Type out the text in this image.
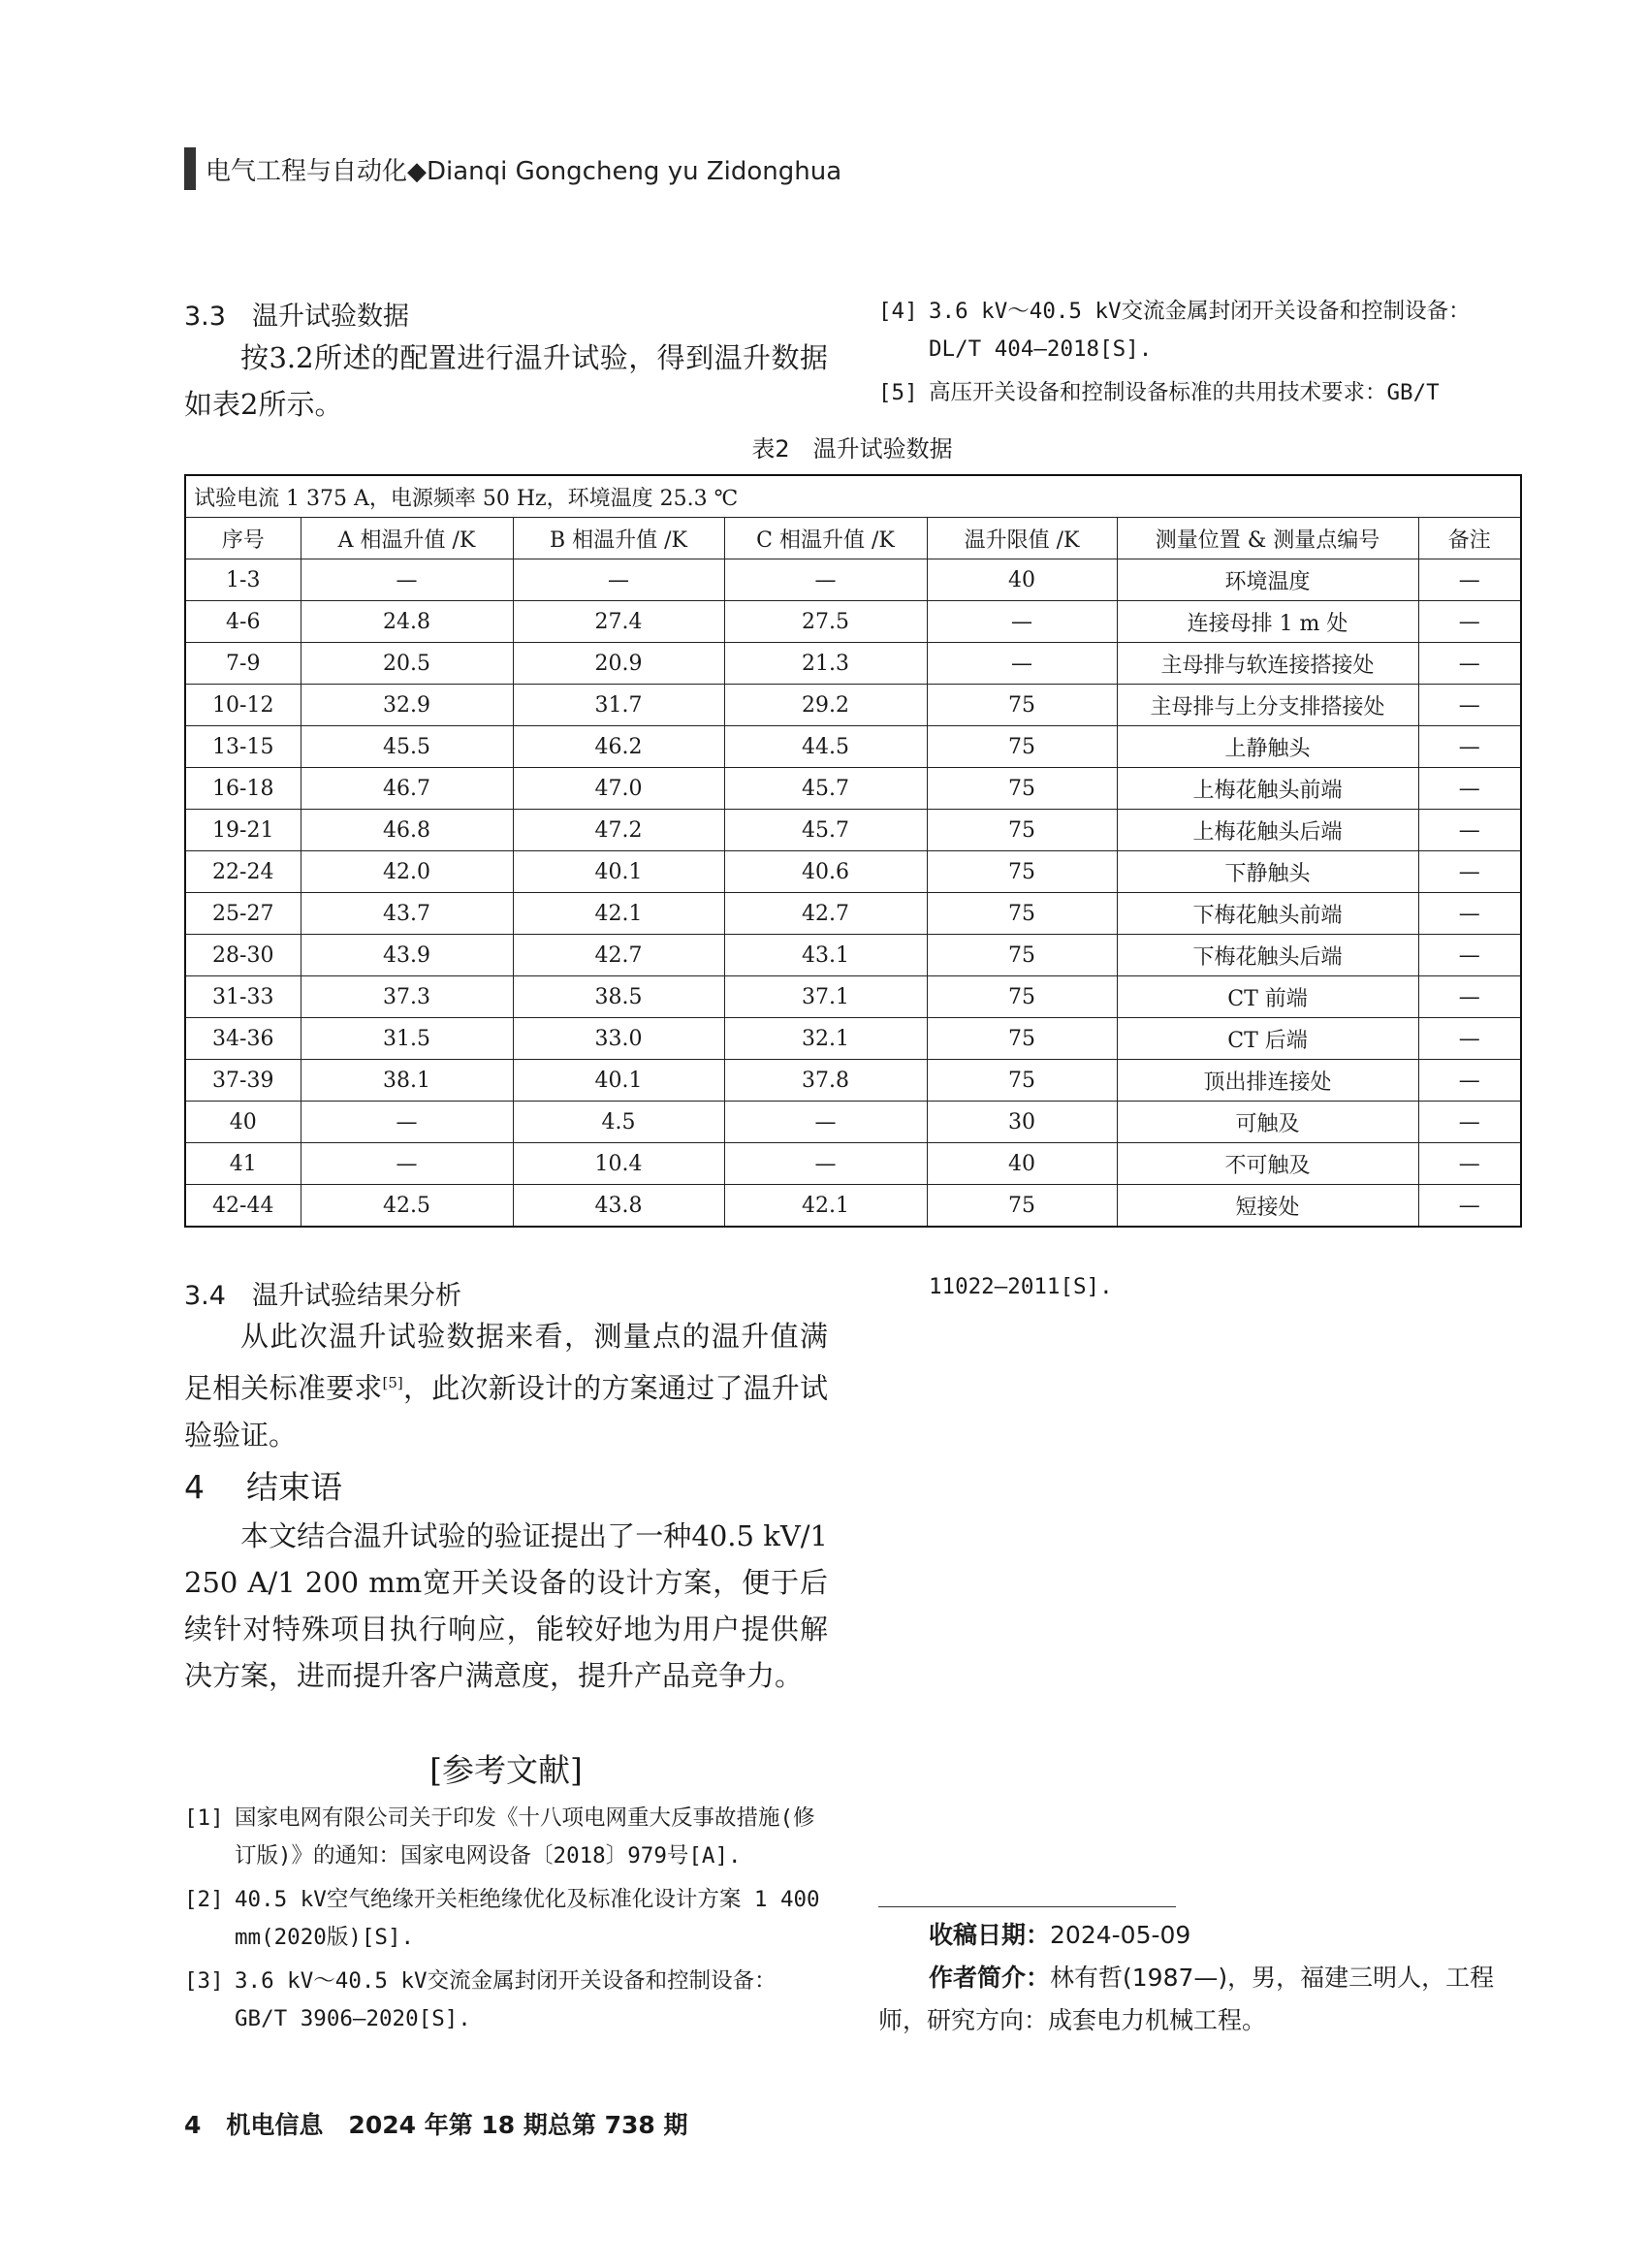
电气工程与自动化◆Dianqi Gongcheng yu Zidonghua
3.3 温升试验数据

按3.2所述的配置进行温升试验，得到温升数据如表2所示。

[4] 3.6 kV～40.5 kV交流金属封闭开关设备和控制设备：DL/T 404—2018[S].
[5] 高压开关设备和控制设备标准的共用技术要求：GB/T
表2　温升试验数据
试验电流 1 375 A，电源频率 50 Hz，环境温度 25.3 ℃						
序号	A 相温升值 /K	B 相温升值 /K	C 相温升值 /K	温升限值 /K	测量位置 & 测量点编号	备注
1-3	—	—	—	40	环境温度	—
4-6	24.8	27.4	27.5	—	连接母排 1 m 处	—
7-9	20.5	20.9	21.3	—	主母排与软连接搭接处	—
10-12	32.9	31.7	29.2	75	主母排与上分支排搭接处	—
13-15	45.5	46.2	44.5	75	上静触头	—
16-18	46.7	47.0	45.7	75	上梅花触头前端	—
19-21	46.8	47.2	45.7	75	上梅花触头后端	—
22-24	42.0	40.1	40.6	75	下静触头	—
25-27	43.7	42.1	42.7	75	下梅花触头前端	—
28-30	43.9	42.7	43.1	75	下梅花触头后端	—
31-33	37.3	38.5	37.1	75	CT 前端	—
34-36	31.5	33.0	32.1	75	CT 后端	—
37-39	38.1	40.1	37.8	75	顶出排连接处	—
40	—	4.5	—	30	可触及	—
41	—	10.4	—	40	不可触及	—
42-44	42.5	43.8	42.1	75	短接处	—
3.4 温升试验结果分析

从此次温升试验数据来看，测量点的温升值满足相关标准要求[5]，此次新设计的方案通过了温升试验验证。

11022—2011[S].
4 结束语

本文结合温升试验的验证提出了一种40.5 kV/1 250 A/1 200 mm宽开关设备的设计方案，便于后续针对特殊项目执行响应，能较好地为用户提供解决方案，进而提升客户满意度，提升产品竞争力。

[参考文献]
[1] 国家电网有限公司关于印发《十八项电网重大反事故措施(修订版)》的通知：国家电网设备〔2018〕979号[A].
[2] 40.5 kV空气绝缘开关柜绝缘优化及标准化设计方案 1 400 mm(2020版)[S].
[3] 3.6 kV～40.5 kV交流金属封闭开关设备和控制设备：GB/T 3906—2020[S].
收稿日期：2024-05-09
作者简介：林有哲(1987—)，男，福建三明人，工程师，研究方向：成套电力机械工程。
4 机电信息 2024 年第 18 期总第 738 期
